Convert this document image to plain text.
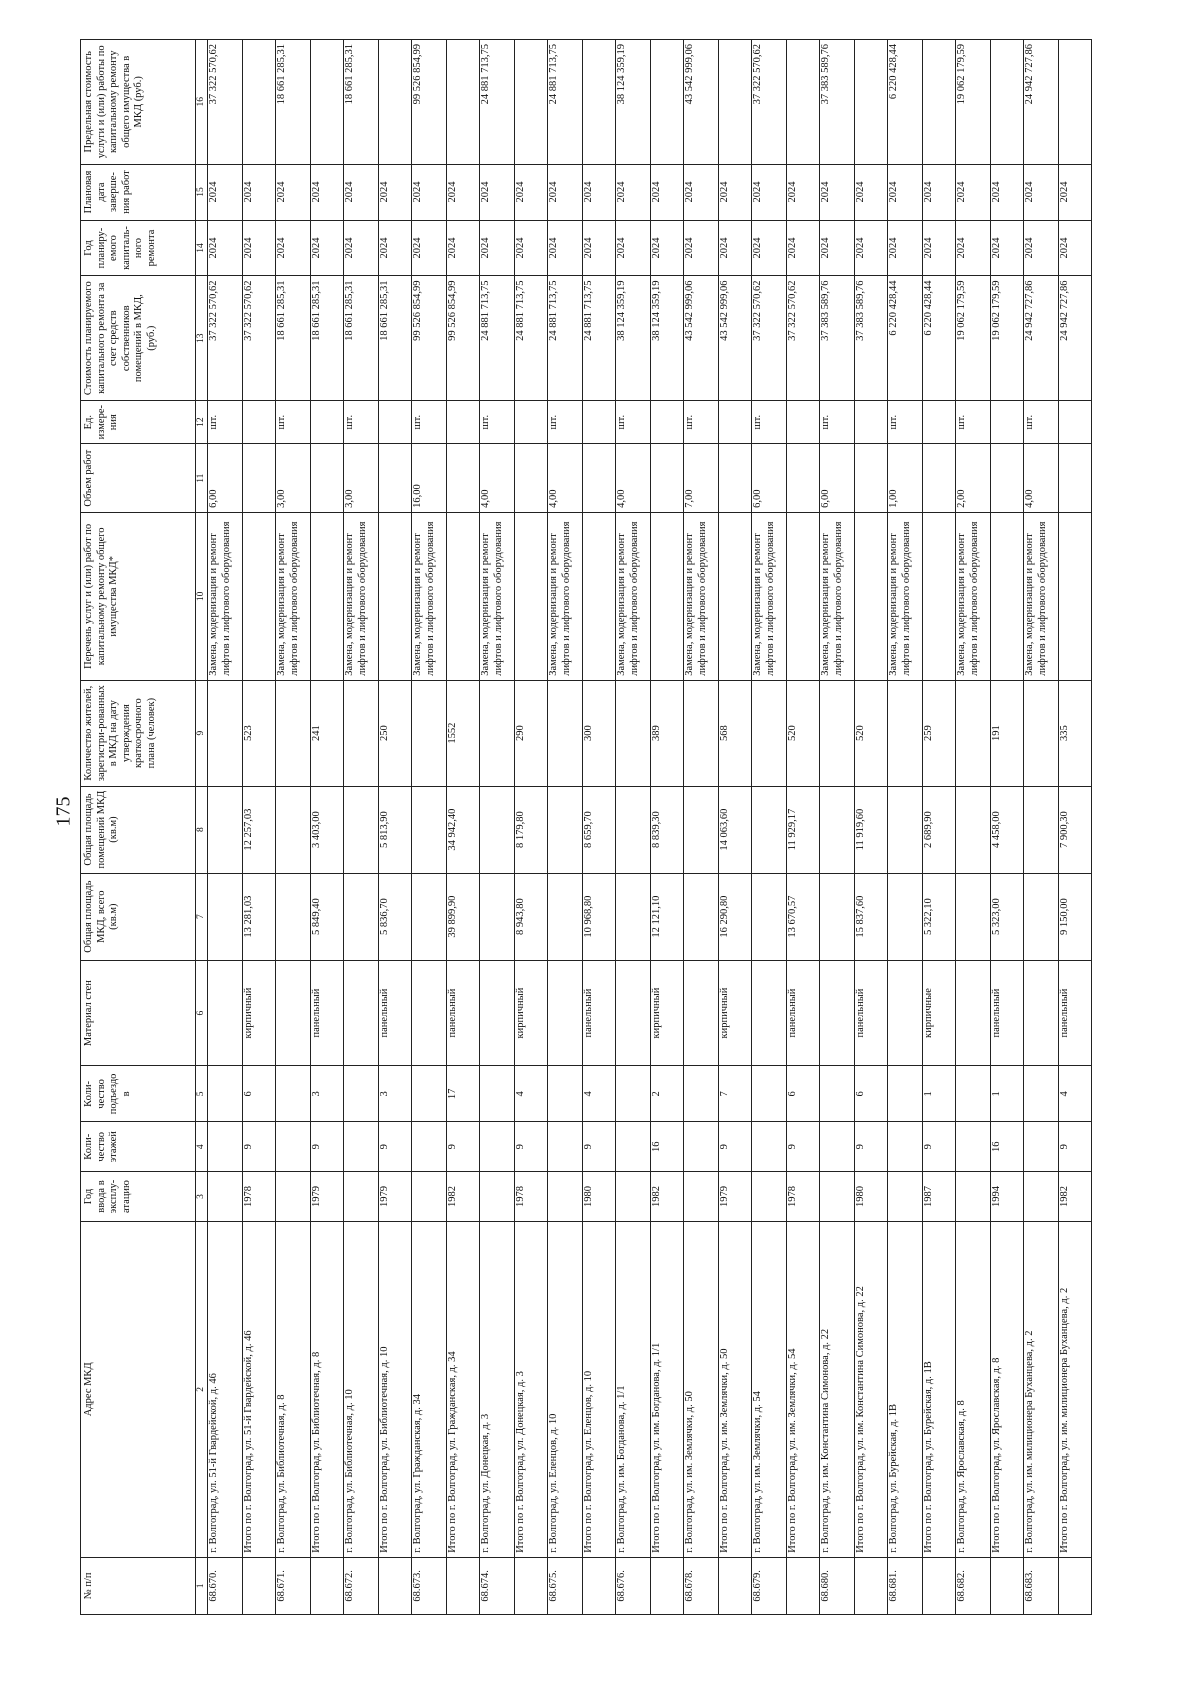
175
№ п/п	Адрес МКД	Год ввода в эксплу-атацию	Коли-чество этажей	Коли-чество подъездо в	Материал стен	Общая площадь МКД, всего (кв.м)	Общая площадь помещений МКД (кв.м)	Количество жителей, зарегистри-рованных в МКД на дату утверждения краткосрочного плана (человек)	Перечень услуг и (или) работ по капитальному ремонту общего имущества МКД*	Объем работ	Ед. измере-ния	Стоимость планируемого капитального ремонта за счет средств собственников помещений в МКД, (руб.)	Год планиру-емого капиталь-ного ремонта	Плановая дата заверше-ния работ	Предельная стоимость услуги и (или) работы по капитальному ремонту общего имущества в МКД (руб.)
1	2	3	4	5	6	7	8	9	10	11	12	13	14	15	16
68.670.	г. Волгоград, ул. 51-й Гвардейской, д. 46								Замена, модернизация и ремонт лифтов и лифтового оборудования	6,00	шт.	37 322 570,62	2024	2024	37 322 570,62
	Итого по г. Волгоград, ул. 51-й Гвардейской, д. 46	1978	9	6	кирпичный	13 281,03	12 257,03	523				37 322 570,62	2024	2024	
68.671.	г. Волгоград, ул. Библиотечная, д. 8								Замена, модернизация и ремонт лифтов и лифтового оборудования	3,00	шт.	18 661 285,31	2024	2024	18 661 285,31
	Итого по г. Волгоград, ул. Библиотечная, д. 8	1979	9	3	панельный	5 849,40	3 403,00	241				18 661 285,31	2024	2024	
68.672.	г. Волгоград, ул. Библиотечная, д. 10								Замена, модернизация и ремонт лифтов и лифтового оборудования	3,00	шт.	18 661 285,31	2024	2024	18 661 285,31
	Итого по г. Волгоград, ул. Библиотечная, д. 10	1979	9	3	панельный	5 836,70	5 813,90	250				18 661 285,31	2024	2024	
68.673.	г. Волгоград, ул. Гражданская, д. 34								Замена, модернизация и ремонт лифтов и лифтового оборудования	16,00	шт.	99 526 854,99	2024	2024	99 526 854,99
	Итого по г. Волгоград, ул. Гражданская, д. 34	1982	9	17	панельный	39 899,90	34 942,40	1552				99 526 854,99	2024	2024	
68.674.	г. Волгоград, ул. Донецкая, д. 3								Замена, модернизация и ремонт лифтов и лифтового оборудования	4,00	шт.	24 881 713,75	2024	2024	24 881 713,75
	Итого по г. Волгоград, ул. Донецкая, д. 3	1978	9	4	кирпичный	8 943,80	8 179,80	290				24 881 713,75	2024	2024	
68.675.	г. Волгоград, ул. Еленцов, д. 10								Замена, модернизация и ремонт лифтов и лифтового оборудования	4,00	шт.	24 881 713,75	2024	2024	24 881 713,75
	Итого по г. Волгоград, ул. Еленцов, д. 10	1980	9	4	панельный	10 968,80	8 659,70	300				24 881 713,75	2024	2024	
68.676.	г. Волгоград, ул. им. Богданова, д. 1/1								Замена, модернизация и ремонт лифтов и лифтового оборудования	4,00	шт.	38 124 359,19	2024	2024	38 124 359,19
	Итого по г. Волгоград, ул. им. Богданова, д. 1/1	1982	16	2	кирпичный	12 121,10	8 839,30	389				38 124 359,19	2024	2024	
68.678.	г. Волгоград, ул. им. Землячки, д. 50								Замена, модернизация и ремонт лифтов и лифтового оборудования	7,00	шт.	43 542 999,06	2024	2024	43 542 999,06
	Итого по г. Волгоград, ул. им. Землячки, д. 50	1979	9	7	кирпичный	16 290,80	14 063,60	568				43 542 999,06	2024	2024	
68.679.	г. Волгоград, ул. им. Землячки, д. 54								Замена, модернизация и ремонт лифтов и лифтового оборудования	6,00	шт.	37 322 570,62	2024	2024	37 322 570,62
	Итого по г. Волгоград, ул. им. Землячки, д. 54	1978	9	6	панельный	13 670,57	11 929,17	520				37 322 570,62	2024	2024	
68.680.	г. Волгоград, ул. им. Константина Симонова, д. 22								Замена, модернизация и ремонт лифтов и лифтового оборудования	6,00	шт.	37 383 589,76	2024	2024	37 383 589,76
	Итого по г. Волгоград, ул. им. Константина Симонова, д. 22	1980	9	6	панельный	15 837,60	11 919,60	520				37 383 589,76	2024	2024	
68.681.	г. Волгоград, ул. Бурейская, д. 1В								Замена, модернизация и ремонт лифтов и лифтового оборудования	1,00	шт.	6 220 428,44	2024	2024	6 220 428,44
	Итого по г. Волгоград, ул. Бурейская, д. 1В	1987	9	1	кирпичные	5 322,10	2 689,90	259				6 220 428,44	2024	2024	
68.682.	г. Волгоград, ул. Ярославская, д. 8								Замена, модернизация и ремонт лифтов и лифтового оборудования	2,00	шт.	19 062 179,59	2024	2024	19 062 179,59
	Итого по г. Волгоград, ул. Ярославская, д. 8	1994	16	1	панельный	5 323,00	4 458,00	191				19 062 179,59	2024	2024	
68.683.	г. Волгоград, ул. им. милиционера Буханцева, д. 2								Замена, модернизация и ремонт лифтов и лифтового оборудования	4,00	шт.	24 942 727,86	2024	2024	24 942 727,86
	Итого по г. Волгоград, ул. им. милиционера Буханцева, д. 2	1982	9	4	панельный	9 150,00	7 900,30	335				24 942 727,86	2024	2024	
